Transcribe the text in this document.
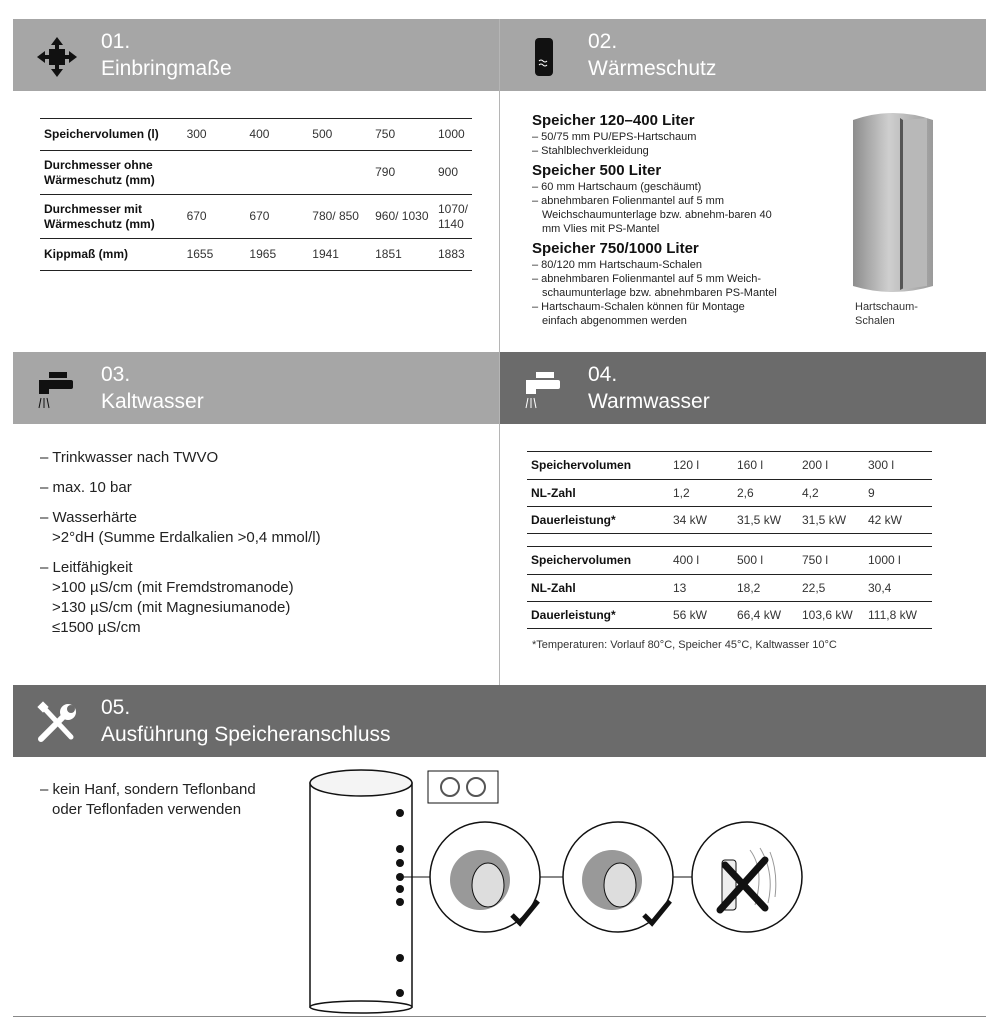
01.
Einbringmaße
02.
Wärmeschutz
Speichervolumen (l)	300	400	500	750	1000
Durchmesser ohne Wärmeschutz (mm)				790	900
Durchmesser mit Wärmeschutz (mm)	670	670	780/ 850	960/ 1030	1070/ 1140
Kippmaß (mm)	1655	1965	1941	1851	1883
Speicher 120–400 Liter
– 50/75 mm PU/EPS-Hartschaum
– Stahlblechverkleidung
Speicher 500 Liter
– 60 mm Hartschaum (geschäumt)
– abnehmbaren Folienmantel auf 5 mm Weichschaumunterlage bzw. abnehm-baren 40 mm Vlies mit PS-Mantel
Speicher 750/1000 Liter
– 80/120 mm Hartschaum-Schalen
– abnehmbaren Folienmantel auf 5 mm Weich-schaumunterlage bzw. abnehmbaren PS-Mantel
– Hartschaum-Schalen können für Montage einfach abgenommen werden
Hartschaum-
Schalen
03.
Kaltwasser
04.
Warmwasser
– Trinkwasser nach TWVO
– max. 10 bar
– Wasserhärte
>2°dH (Summe Erdalkalien >0,4 mmol/l)
– Leitfähigkeit
>100 µS/cm (mit Fremdstromanode)
>130 µS/cm (mit Magnesiumanode)
≤1500 µS/cm
Speichervolumen	120 l	160 l	200 l	300 l
NL-Zahl	1,2	2,6	4,2	9
Dauerleistung*	34 kW	31,5 kW	31,5 kW	42 kW
Speichervolumen	400 l	500 l	750 l	1000 l
NL-Zahl	13	18,2	22,5	30,4
Dauerleistung*	56 kW	66,4 kW	103,6 kW	111,8 kW
*Temperaturen: Vorlauf 80°C, Speicher 45°C, Kaltwasser 10°C
05.
Ausführung Speicheranschluss
– kein Hanf, sondern Teflonband
oder Teflonfaden verwenden
